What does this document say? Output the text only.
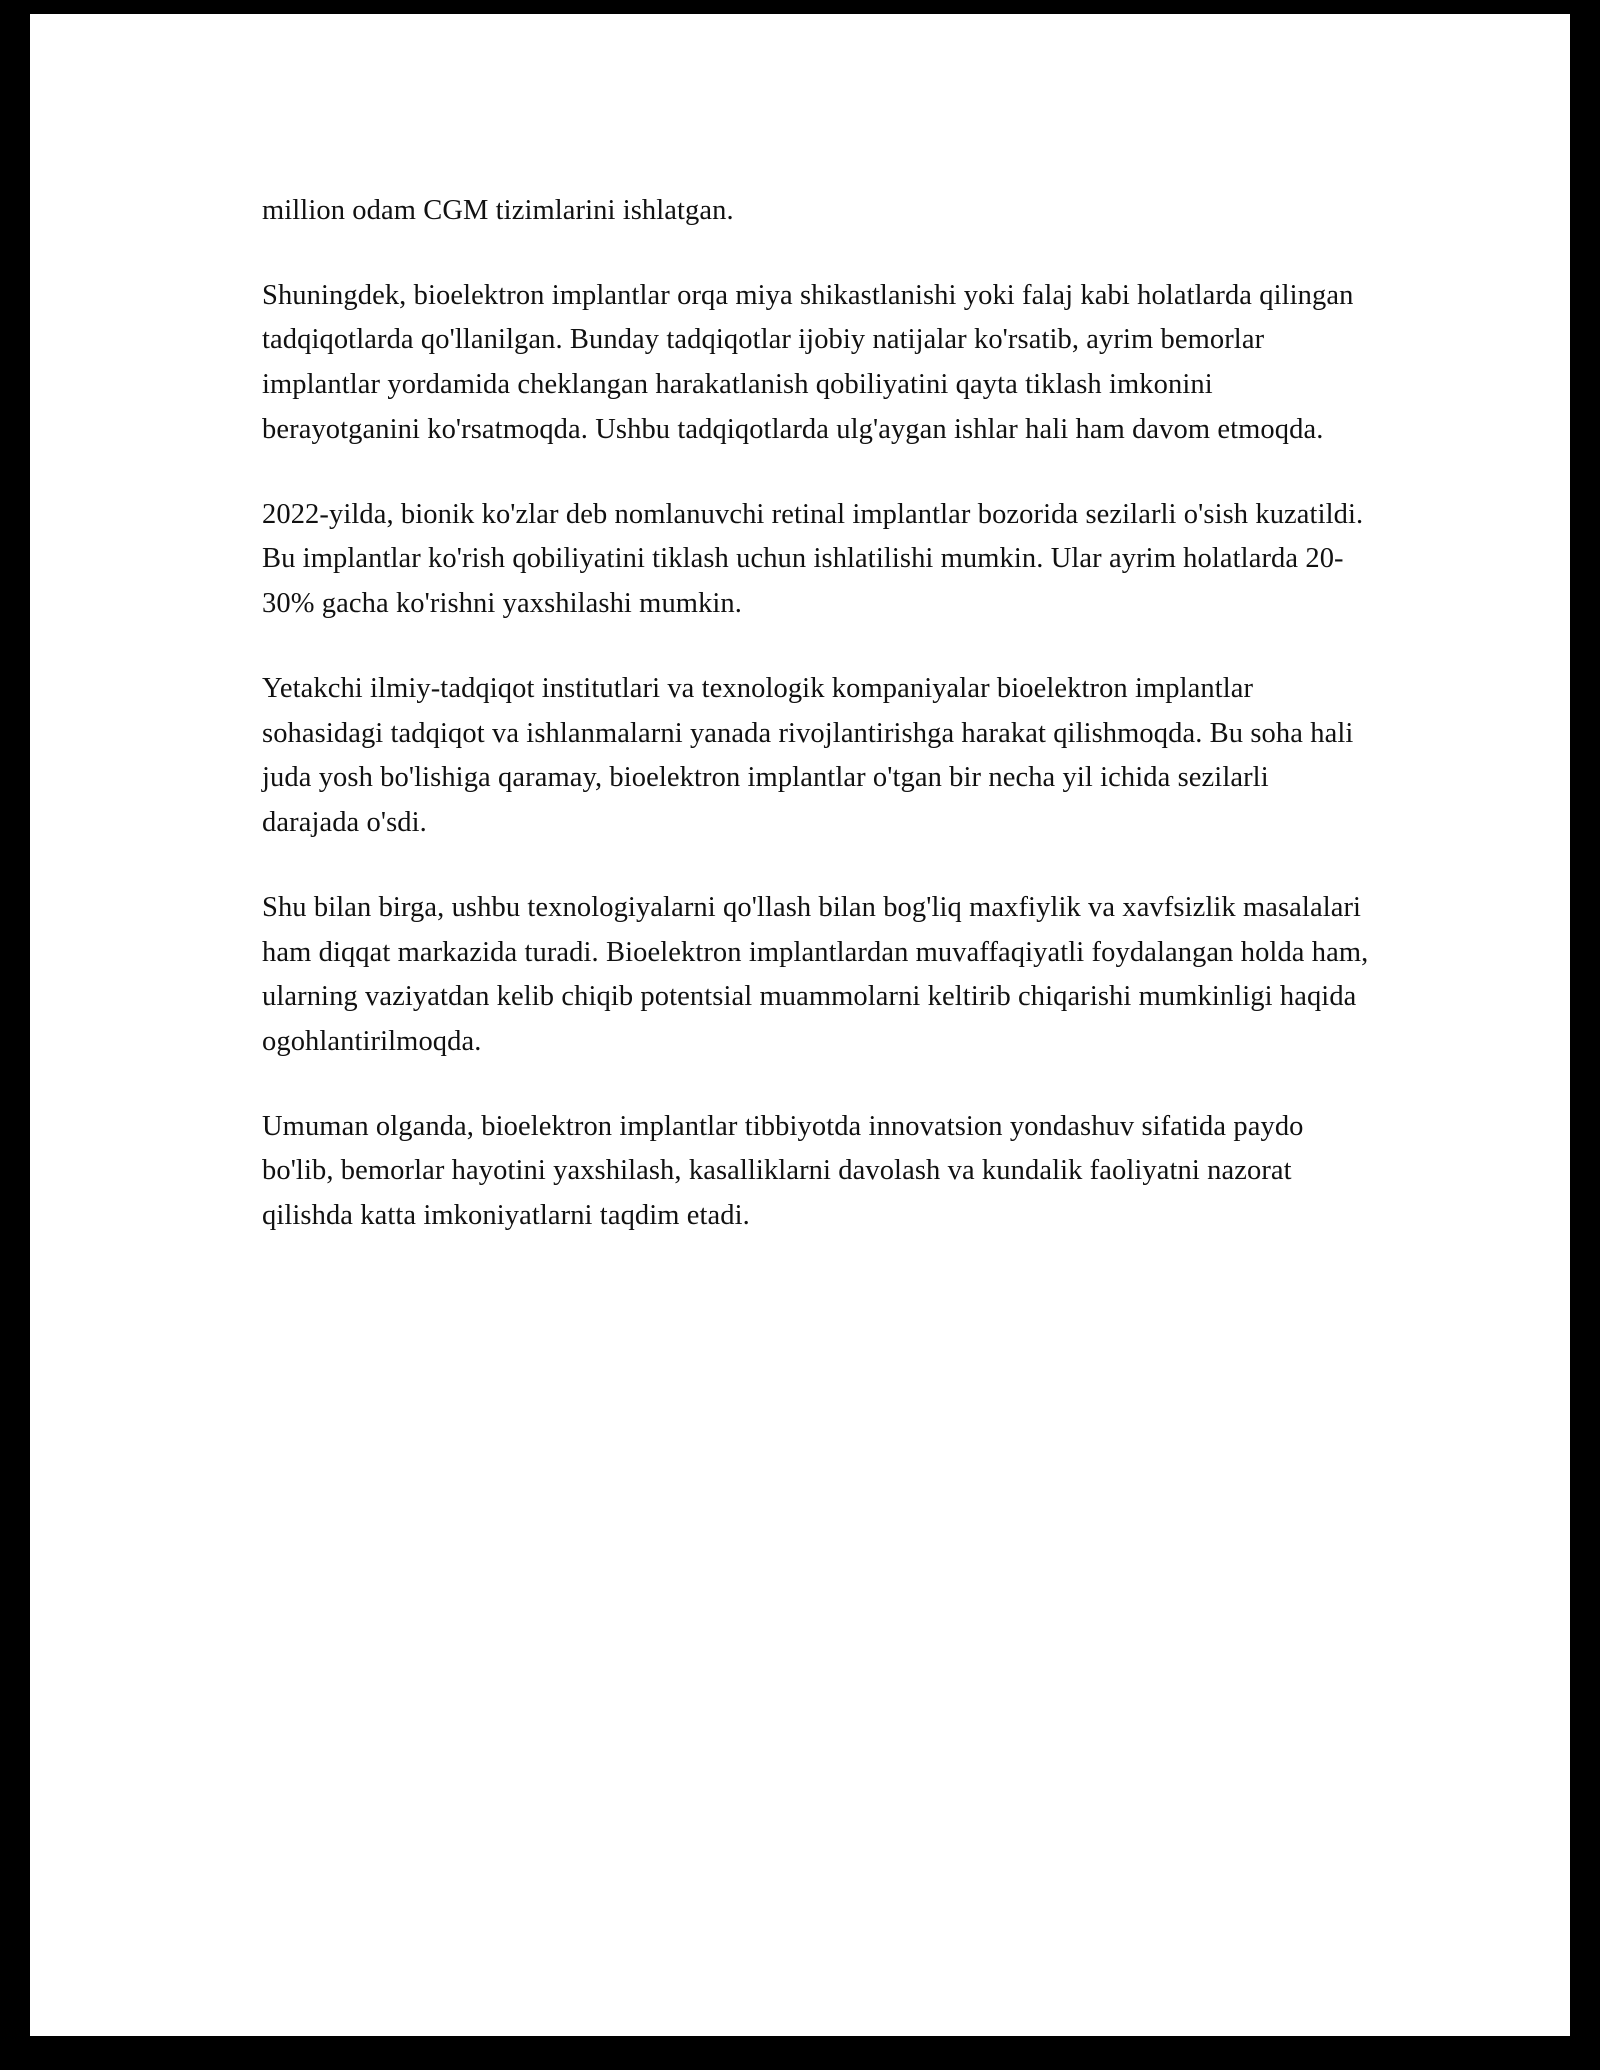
million odam CGM tizimlarini ishlatgan.

Shuningdek, bioelektron implantlar orqa miya shikastlanishi yoki falaj kabi holatlarda qilingan tadqiqotlarda qo'llanilgan. Bunday tadqiqotlar ijobiy natijalar ko'rsatib, ayrim bemorlar implantlar yordamida cheklangan harakatlanish qobiliyatini qayta tiklash imkonini berayotganini ko'rsatmoqda. Ushbu tadqiqotlarda ulg'aygan ishlar hali ham davom etmoqda.

2022-yilda, bionik ko'zlar deb nomlanuvchi retinal implantlar bozorida sezilarli o'sish kuzatildi. Bu implantlar ko'rish qobiliyatini tiklash uchun ishlatilishi mumkin. Ular ayrim holatlarda 20-30% gacha ko'rishni yaxshilashi mumkin.

Yetakchi ilmiy-tadqiqot institutlari va texnologik kompaniyalar bioelektron implantlar sohasidagi tadqiqot va ishlanmalarni yanada rivojlantirishga harakat qilishmoqda. Bu soha hali juda yosh bo'lishiga qaramay, bioelektron implantlar o'tgan bir necha yil ichida sezilarli darajada o'sdi.

Shu bilan birga, ushbu texnologiyalarni qo'llash bilan bog'liq maxfiylik va xavfsizlik masalalari ham diqqat markazida turadi. Bioelektron implantlardan muvaffaqiyatli foydalangan holda ham, ularning vaziyatdan kelib chiqib potentsial muammolarni keltirib chiqarishi mumkinligi haqida ogohlantirilmoqda.

Umuman olganda, bioelektron implantlar tibbiyotda innovatsion yondashuv sifatida paydo bo'lib, bemorlar hayotini yaxshilash, kasalliklarni davolash va kundalik faoliyatni nazorat qilishda katta imkoniyatlarni taqdim etadi.
